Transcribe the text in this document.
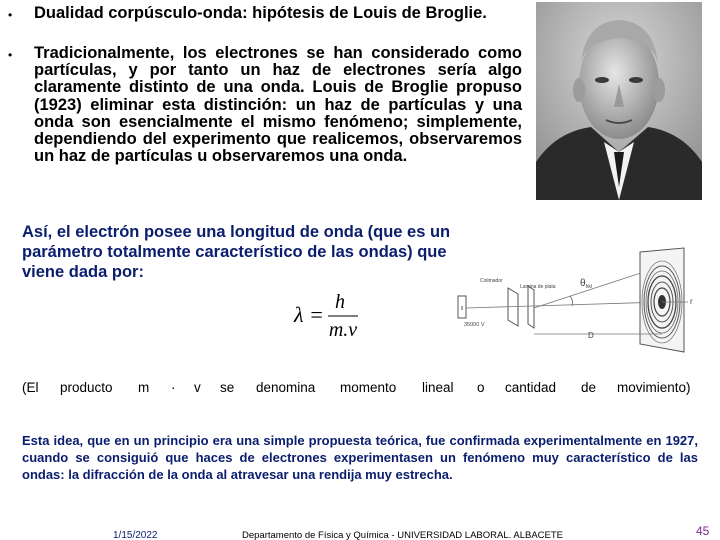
•	Dualidad corpúsculo-onda: hipótesis de Louis de Broglie.
•	Tradicionalmente, los electrones se han considerado como partículas, y por tanto un haz de electrones sería algo claramente distinto de una onda. Louis de Broglie propuso (1923) eliminar esta distinción: un haz de partículas y una onda son esencialmente el mismo fenómeno; simplemente, dependiendo del experimento que realicemos, observaremos un haz de partículas u observaremos una onda.
Así, el electrón posee una longitud de onda (que es un parámetro totalmente característico de las ondas) que viene dada por:
λ = h
m.v
Colimador
Lamina de plata $\theta_{hkl}$
35000 V
r
D
(El producto m · v se denomina momento lineal o cantidad de movimiento)
Esta idea, que en un principio era una simple propuesta teórica, fue confirmada experimentalmente en 1927, cuando se consiguió que haces de electrones experimentasen un fenómeno muy característico de las ondas: la difracción de la onda al atravesar una rendija muy estrecha.
1/15/2022	Departamento de Física y Química - UNIVERSIDAD LABORAL. ALBACETE	45
